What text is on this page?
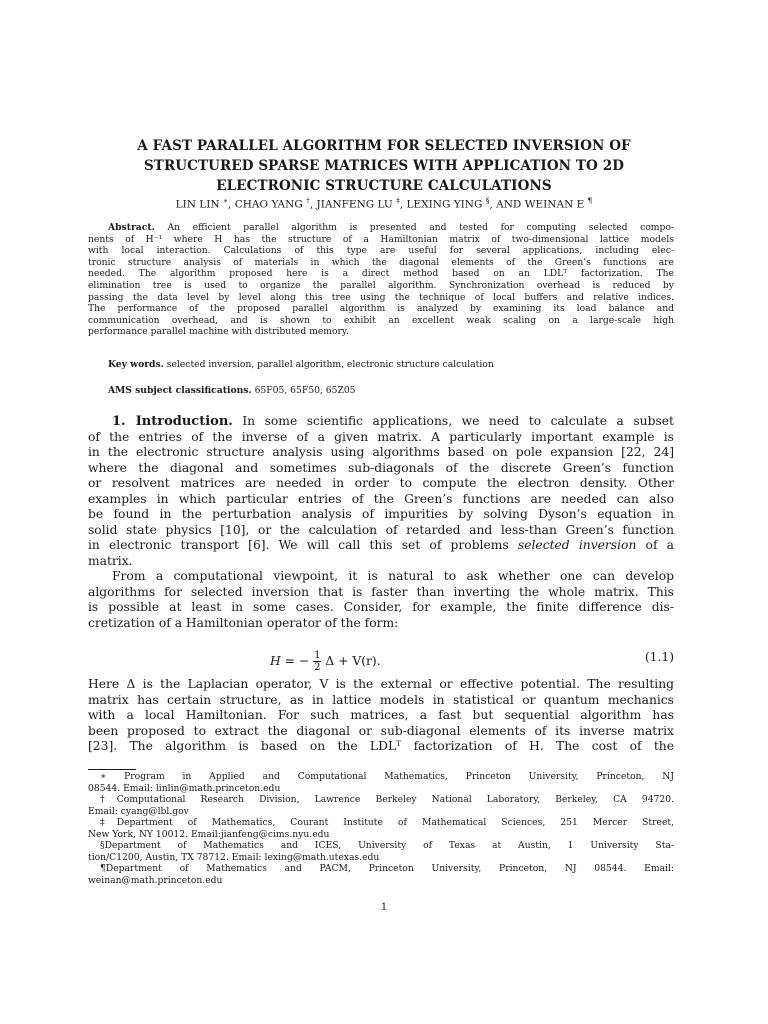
A FAST PARALLEL ALGORITHM FOR SELECTED INVERSION OF
STRUCTURED SPARSE MATRICES WITH APPLICATION TO 2D
ELECTRONIC STRUCTURE CALCULATIONS
LIN LIN ∗, CHAO YANG †, JIANFENG LU ‡, LEXING YING §, AND WEINAN E ¶
Abstract. An efficient parallel algorithm is presented and tested for computing selected compo-
nents of H⁻¹ where H has the structure of a Hamiltonian matrix of two-dimensional lattice models
with local interaction. Calculations of this type are useful for several applications, including elec-
tronic structure analysis of materials in which the diagonal elements of the Green’s functions are
needed. The algorithm proposed here is a direct method based on an LDLᵀ factorization. The
elimination tree is used to organize the parallel algorithm. Synchronization overhead is reduced by
passing the data level by level along this tree using the technique of local buffers and relative indices.
The performance of the proposed parallel algorithm is analyzed by examining its load balance and
communication overhead, and is shown to exhibit an excellent weak scaling on a large-scale high
performance parallel machine with distributed memory.
Key words. selected inversion, parallel algorithm, electronic structure calculation
AMS subject classifications. 65F05, 65F50, 65Z05
1. Introduction. In some scientific applications, we need to calculate a subset
of the entries of the inverse of a given matrix. A particularly important example is
in the electronic structure analysis using algorithms based on pole expansion [22, 24]
where the diagonal and sometimes sub-diagonals of the discrete Green’s function
or resolvent matrices are needed in order to compute the electron density. Other
examples in which particular entries of the Green’s functions are needed can also
be found in the perturbation analysis of impurities by solving Dyson’s equation in
solid state physics [10], or the calculation of retarded and less-than Green’s function
in electronic transport [6]. We will call this set of problems selected inversion of a
matrix.
From a computational viewpoint, it is natural to ask whether one can develop
algorithms for selected inversion that is faster than inverting the whole matrix. This
is possible at least in some cases. Consider, for example, the finite difference dis-
cretization of a Hamiltonian operator of the form:
H = − $\frac{1}{2}$ Δ + V(r).	(1.1)
Here Δ is the Laplacian operator, V is the external or effective potential. The resulting
matrix has certain structure, as in lattice models in statistical or quantum mechanics
with a local Hamiltonian. For such matrices, a fast but sequential algorithm has
been proposed to extract the diagonal or sub-diagonal elements of its inverse matrix
[23]. The algorithm is based on the LDLᵀ factorization of H. The cost of the
∗ Program in Applied and Computational Mathematics, Princeton University, Princeton, NJ
08544. Email: linlin@math.princeton.edu
†Computational Research Division, Lawrence Berkeley National Laboratory, Berkeley, CA 94720.
Email: cyang@lbl.gov
‡Department of Mathematics, Courant Institute of Mathematical Sciences, 251 Mercer Street,
New York, NY 10012. Email:jianfeng@cims.nyu.edu
§Department of Mathematics and ICES, University of Texas at Austin, 1 University Sta-
tion/C1200, Austin, TX 78712. Email: lexing@math.utexas.edu
¶Department of Mathematics and PACM, Princeton University, Princeton, NJ 08544. Email:
weinan@math.princeton.edu
1
